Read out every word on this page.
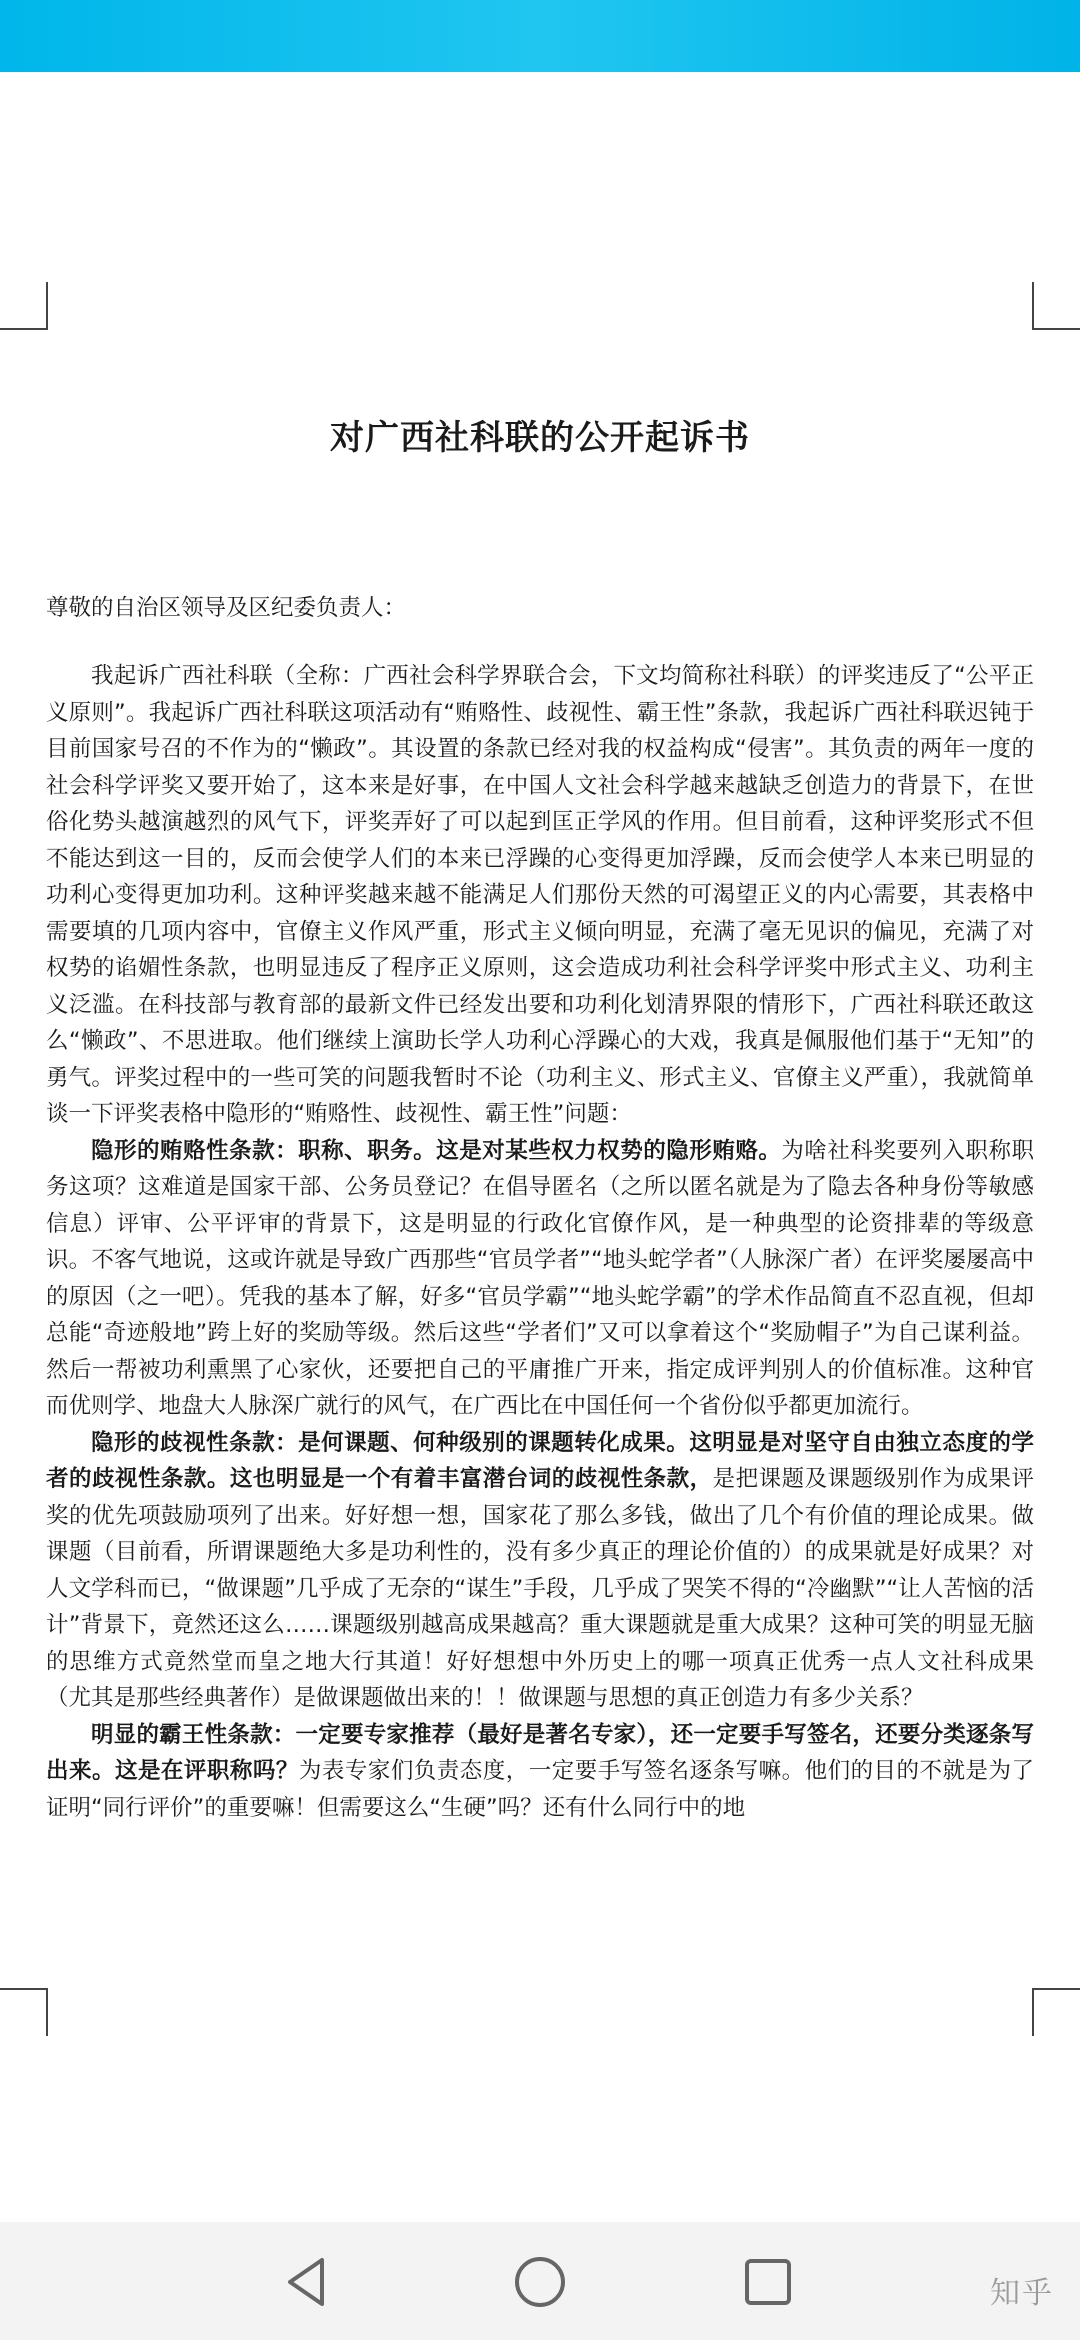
对广西社科联的公开起诉书
尊敬的自治区领导及区纪委负责人：

我起诉广西社科联（全称：广西社会科学界联合会，下文均简称社科联）的评奖违反了“公平正义原则”。我起诉广西社科联这项活动有“贿赂性、歧视性、霸王性”条款，我起诉广西社科联迟钝于目前国家号召的不作为的“懒政”。其设置的条款已经对我的权益构成“侵害”。其负责的两年一度的社会科学评奖又要开始了，这本来是好事，在中国人文社会科学越来越缺乏创造力的背景下，在世俗化势头越演越烈的风气下，评奖弄好了可以起到匡正学风的作用。但目前看，这种评奖形式不但不能达到这一目的，反而会使学人们的本来已浮躁的心变得更加浮躁，反而会使学人本来已明显的功利心变得更加功利。这种评奖越来越不能满足人们那份天然的可渴望正义的内心需要，其表格中需要填的几项内容中，官僚主义作风严重，形式主义倾向明显，充满了毫无见识的偏见，充满了对权势的谄媚性条款，也明显违反了程序正义原则，这会造成功利社会科学评奖中形式主义、功利主义泛滥。在科技部与教育部的最新文件已经发出要和功利化划清界限的情形下，广西社科联还敢这么“懒政”、不思进取。他们继续上演助长学人功利心浮躁心的大戏，我真是佩服他们基于“无知”的勇气。评奖过程中的一些可笑的问题我暂时不论（功利主义、形式主义、官僚主义严重），我就简单谈一下评奖表格中隐形的“贿赂性、歧视性、霸王性”问题：

隐形的贿赂性条款：职称、职务。这是对某些权力权势的隐形贿赂。为啥社科奖要列入职称职务这项？这难道是国家干部、公务员登记？在倡导匿名（之所以匿名就是为了隐去各种身份等敏感信息）评审、公平评审的背景下，这是明显的行政化官僚作风，是一种典型的论资排辈的等级意识。不客气地说，这或许就是导致广西那些“官员学者”“地头蛇学者”（人脉深广者）在评奖屡屡高中的原因（之一吧）。凭我的基本了解，好多“官员学霸”“地头蛇学霸”的学术作品简直不忍直视，但却总能“奇迹般地”跨上好的奖励等级。然后这些“学者们”又可以拿着这个“奖励帽子”为自己谋利益。然后一帮被功利熏黑了心家伙，还要把自己的平庸推广开来，指定成评判别人的价值标准。这种官而优则学、地盘大人脉深广就行的风气，在广西比在中国任何一个省份似乎都更加流行。

隐形的歧视性条款：是何课题、何种级别的课题转化成果。这明显是对坚守自由独立态度的学者的歧视性条款。这也明显是一个有着丰富潜台词的歧视性条款，是把课题及课题级别作为成果评奖的优先项鼓励项列了出来。好好想一想，国家花了那么多钱，做出了几个有价值的理论成果。做课题（目前看，所谓课题绝大多是功利性的，没有多少真正的理论价值的）的成果就是好成果？对人文学科而已，“做课题”几乎成了无奈的“谋生”手段，几乎成了哭笑不得的“冷幽默”“让人苦恼的活计”背景下，竟然还这么……课题级别越高成果越高？重大课题就是重大成果？这种可笑的明显无脑的思维方式竟然堂而皇之地大行其道！好好想想中外历史上的哪一项真正优秀一点人文社科成果（尤其是那些经典著作）是做课题做出来的！！做课题与思想的真正创造力有多少关系？

明显的霸王性条款：一定要专家推荐（最好是著名专家），还一定要手写签名，还要分类逐条写出来。这是在评职称吗？为表专家们负责态度，一定要手写签名逐条写嘛。他们的目的不就是为了证明“同行评价”的重要嘛！但需要这么“生硬”吗？还有什么同行中的地

知乎
